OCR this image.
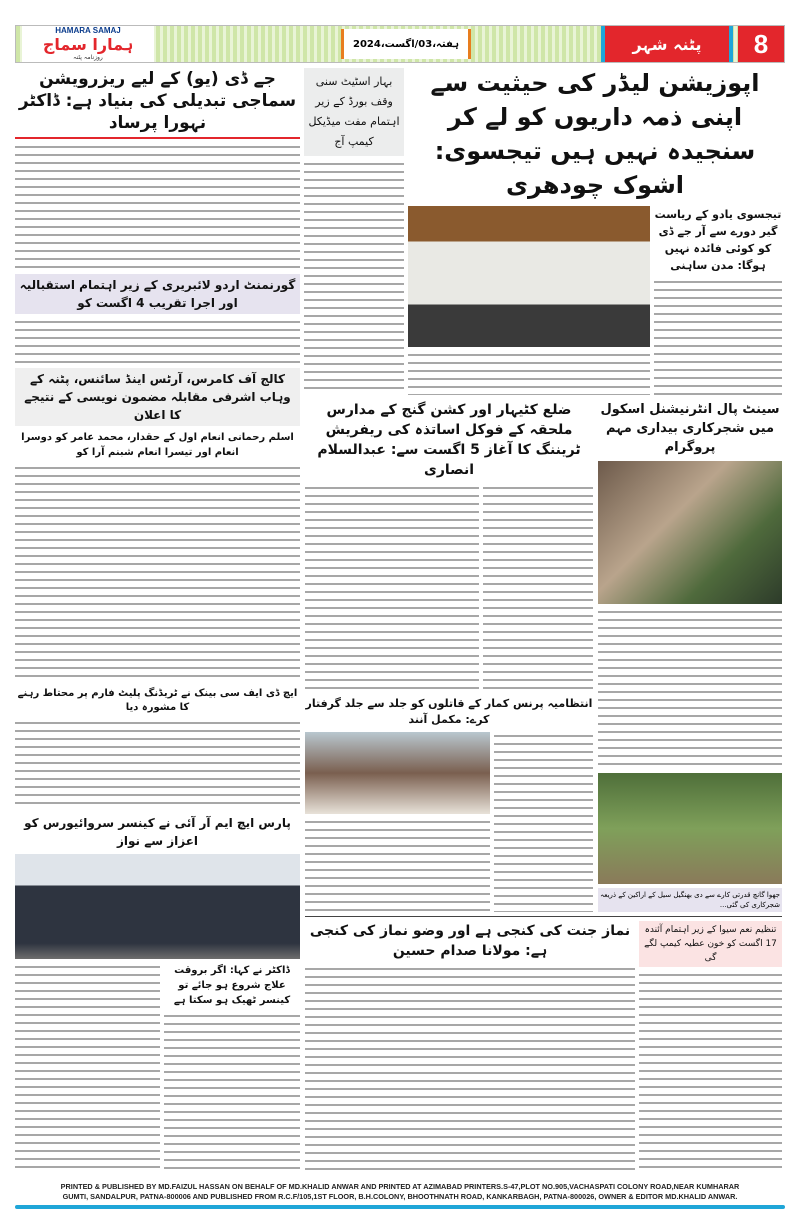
HAMARA SAMAJ
ہمارا سماج
روزنامہ پٹنہ
ہفتہ،03/اگست،2024	پٹنہ شہر 8
جے ڈی (یو) کے لیے ریزرویشن سماجی تبدیلی کی بنیاد ہے: ڈاکٹر نہورا پرساد
گورنمنٹ اردو لائبریری کے زیر اہتمام استقبالیہ اور اجرا تقریب 4 اگست کو
کالج آف کامرس، آرٹس اینڈ سائنس، پٹنہ کے وہاب اشرفی مقابلہ مضمون نویسی کے نتیجے کا اعلان
اسلم رحمانی انعام اول کے حقدار، محمد عامر کو دوسرا انعام اور تیسرا انعام شبنم آرا کو
ایچ ڈی ایف سی بینک نے ٹریڈنگ پلیٹ فارم پر محتاط رہنے کا مشورہ دیا
پارس ایچ ایم آر آئی نے کینسر سروائیورس کو اعزاز سے نواز
ڈاکٹر نے کہا: اگر بروقت علاج شروع ہو جائے تو کینسر ٹھیک ہو سکتا ہے
بہار اسٹیٹ سنی وقف بورڈ کے زیر اہتمام مفت میڈیکل کیمپ آج
اپوزیشن لیڈر کی حیثیت سے اپنی ذمہ داریوں کو لے کر سنجیدہ نہیں ہیں تیجسوی: اشوک چودھری
تیجسوی یادو کے ریاست گیر دورے سے آر جے ڈی کو کوئی فائدہ نہیں ہوگا: مدن ساہنی
ضلع کٹیہار اور کشن گنج کے مدارس ملحقہ کے فوکل اساتذہ کی ریفریش ٹریننگ کا آغاز 5 اگست سے: عبدالسلام انصاری
انتظامیہ پرنس کمار کے قاتلوں کو جلد سے جلد گرفتار کرے: مکمل آنند
سینٹ پال انٹرنیشنل اسکول میں شجرکاری بیداری مہم پروگرام
جھوا گانچ قدرتی کارے سے دی بھنگیل سیل کے اراکین کے ذریعہ شجرکاری کی گئی...
نماز جنت کی کنجی ہے اور وضو نماز کی کنجی ہے: مولانا صدام حسین
تنظیم نعم سیوا کے زیر اہتمام آئندہ 17 اگست کو خون عطیہ کیمپ لگے گی
PRINTED & PUBLISHED BY MD.FAIZUL HASSAN ON BEHALF OF MD.KHALID ANWAR AND PRINTED AT AZIMABAD PRINTERS.S-47,PLOT NO.905,VACHASPATI COLONY ROAD,NEAR KUMHARAR
GUMTI, SANDALPUR, PATNA-800006 AND PUBLISHED FROM R.C.F/105,1ST FLOOR, B.H.COLONY, BHOOTHNATH ROAD, KANKARBAGH, PATNA-800026, OWNER & EDITOR MD.KHALID ANWAR.
